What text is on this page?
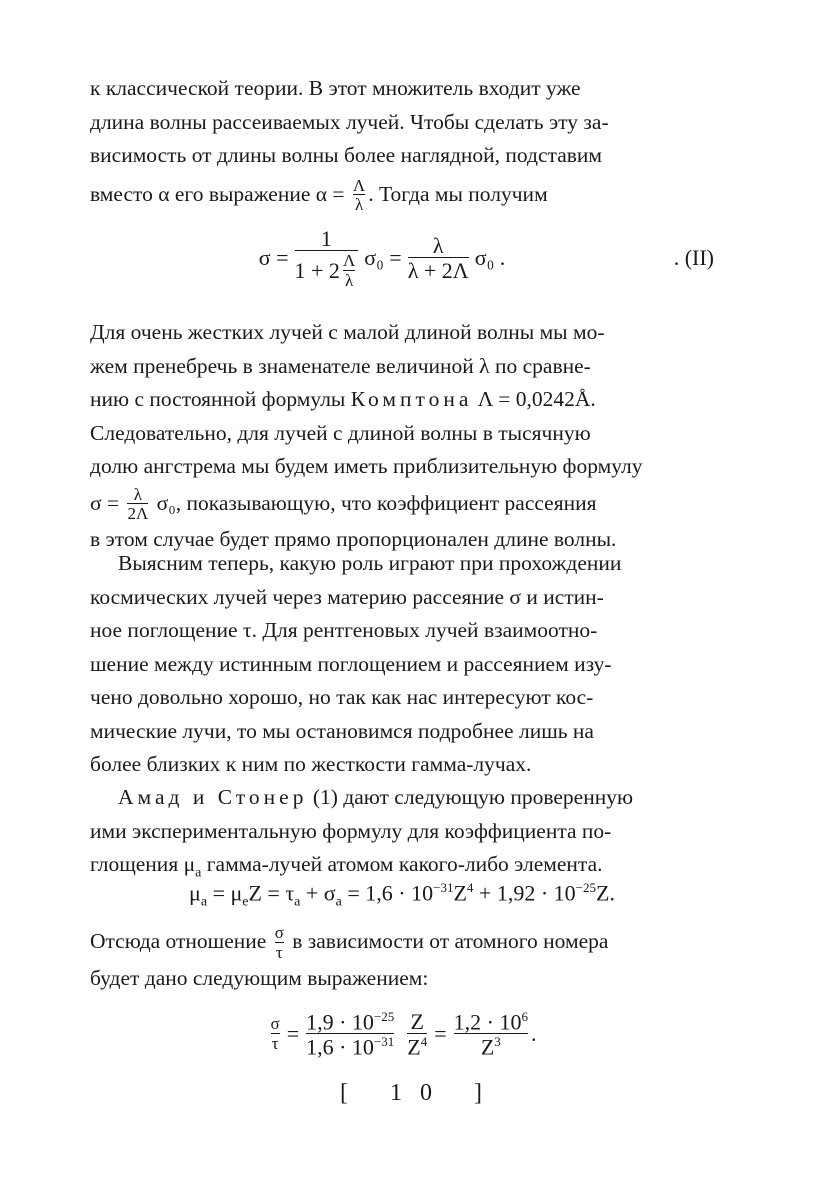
к классической теории. В этот множитель входит уже

длина волны рассеиваемых лучей. Чтобы сделать эту за-

висимость от длины волны более наглядной, подставим

вместо α его выражение $\alpha = \frac{\Lambda}{\lambda}$ . Тогда мы получим

$\sigma = \frac{1}{1 + 2 \frac{\Lambda}{\lambda}} \sigma_0 = \frac{\lambda}{\lambda + 2\Lambda} \sigma_0$ .	. (II)

Для очень жестких лучей с малой длиной волны мы мо-

жем пренебречь в знаменателе величиной λ по сравне-

нию с постоянной формулы Комптона Λ = 0,0242Å.

Следовательно, для лучей с длиной волны в тысячную

долю ангстрема мы будем иметь приблизительную формулу

$\sigma = \frac{\lambda}{2\Lambda} \sigma_0$, показывающую, что коэффициент рассеяния

в этом случае будет прямо пропорционален длине волны.

Выясним теперь, какую роль играют при прохождении

космических лучей через материю рассеяние σ и истин-

ное поглощение τ. Для рентгеновых лучей взаимоотно-

шение между истинным поглощением и рассеянием изу-

чено довольно хорошо, но так как нас интересуют кос-

мические лучи, то мы остановимся подробнее лишь на

более близких к ним по жесткости гамма-лучах.

Амад и Стонер (1) дают следующую проверенную

ими экспериментальную формулу для коэффициента по-

глощения $\mu_a$ гамма-лучей атомом какого-либо элемента.

$\mu_a = \mu_eZ = \tau_a + \sigma_a = 1,6 \cdot 10^{-31}Z^4 + 1,92 \cdot 10^{-25}Z$.

Отсюда отношение $\frac{\sigma}{\tau}$ в зависимости от атомного номера

будет дано следующим выражением:

$\frac{\sigma}{\tau} = \frac{1,9 \cdot 10^{-25}}{1,6 \cdot 10^{-31}} \frac{Z}{Z^4} = \frac{1,2 \cdot 10^6}{Z^3}$ .
[ 10 ]
